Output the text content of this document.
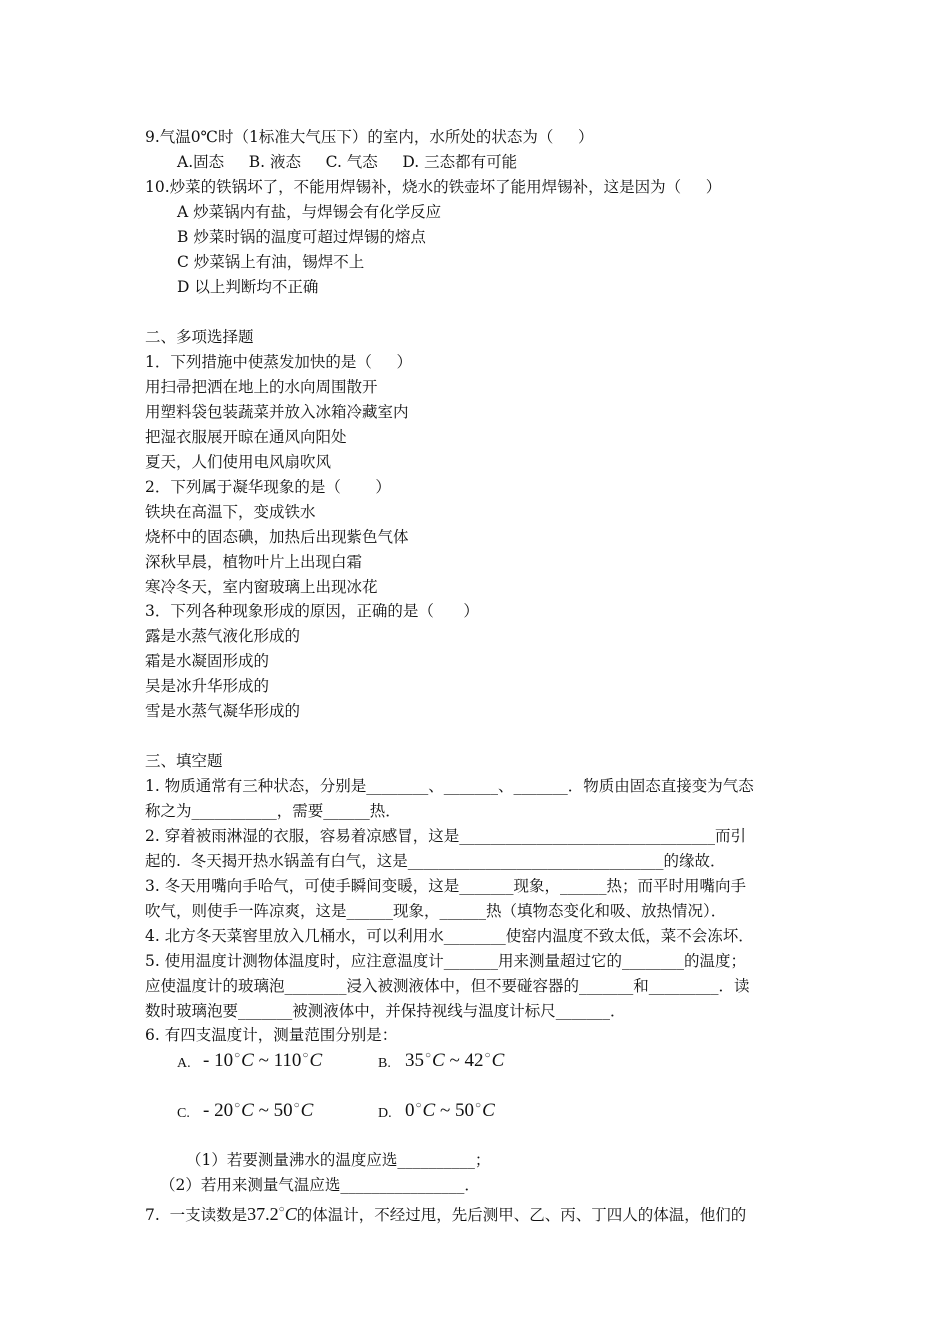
9.气温0℃时（1标准大气压下）的室内，水所处的状态为（     ）
A.固态     B. 液态     C. 气态     D. 三态都有可能
10.炒菜的铁锅坏了，不能用焊锡补，烧水的铁壶坏了能用焊锡补，这是因为（     ）
A 炒菜锅内有盐，与焊锡会有化学反应
B 炒菜时锅的温度可超过焊锡的熔点
C 炒菜锅上有油，锡焊不上
D 以上判断均不正确
二、多项选择题
1．下列措施中使蒸发加快的是（     ）
用扫帚把洒在地上的水向周围散开
用塑料袋包装蔬菜并放入冰箱冷藏室内
把湿衣服展开晾在通风向阳处
夏天，人们使用电风扇吹风
2．下列属于凝华现象的是（       ）
铁块在高温下，变成铁水
烧杯中的固态碘，加热后出现紫色气体
深秋早晨，植物叶片上出现白霜
寒冷冬天，室内窗玻璃上出现冰花
3．下列各种现象形成的原因，正确的是（      ）
露是水蒸气液化形成的
霜是水凝固形成的
吴是冰升华形成的
雪是水蒸气凝华形成的
三、填空题
1. 物质通常有三种状态，分别是________、_______、_______．物质由固态直接变为气态
称之为___________，需要______热．
2. 穿着被雨淋湿的衣服，容易着凉感冒，这是_________________________________而引
起的.  冬天揭开热水锅盖有白气，这是_________________________________的缘故．
3. 冬天用嘴向手哈气，可使手瞬间变暖，这是_______现象，______热；而平时用嘴向手
吹气，则使手一阵凉爽，这是______现象，______热（填物态变化和吸、放热情况）．
4. 北方冬天菜窖里放入几桶水，可以利用水________使窑内温度不致太低，菜不会冻坏．
5. 使用温度计测物体温度时，应注意温度计_______用来测量超过它的________的温度；
应使温度计的玻璃泡________浸入被测液体中，但不要碰容器的_______和_________．读
数时玻璃泡要_______被测液体中，并保持视线与温度计标尺_______．
6. 有四支温度计，测量范围分别是：
A. - 10○C ~ 110○C	B. 35○C ~ 42○C
C. - 20○C ~ 50○C	D. 0○C ~ 50○C
（1）若要测量沸水的温度应选__________；
（2）若用来测量气温应选________________．
7.  一支读数是37.2○C的体温计，不经过甩，先后测甲、乙、丙、丁四人的体温，他们的
